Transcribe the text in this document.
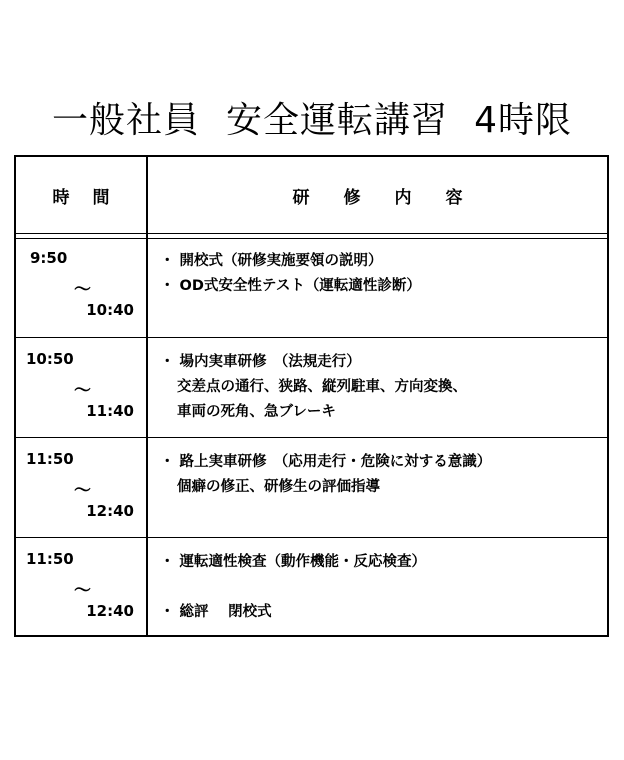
一般社員 安全運転講習 4時限
時　 間	研　　修　　内　　容
9:50
～
10:40
・ 開校式（研修実施要領の説明）
・ OD式安全性テスト（運転適性診断）
10:50
～
11:40
・ 場内実車研修　（法規走行）
交差点の通行、狭路、縦列駐車、方向変換、
車両の死角、急ブレーキ
11:50
～
12:40
・ 路上実車研修　（応用走行・危険に対する意識）
個癖の修正、研修生の評価指導
11:50
～
12:40
・ 運転適性検査（動作機能・反応検査）

・ 総評　 閉校式
